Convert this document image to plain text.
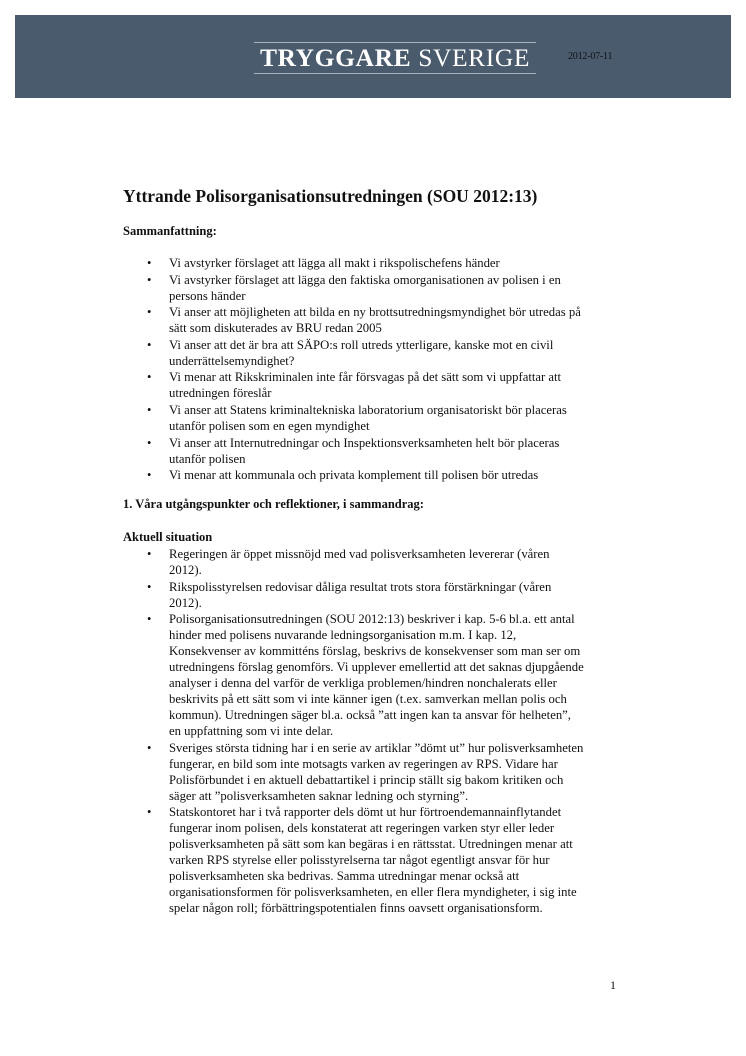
TRYGGARE SVERIGE	2012-07-11
Yttrande Polisorganisationsutredningen (SOU 2012:13)
Sammanfattning:
• Vi avstyrker förslaget att lägga all makt i rikspolischefens händer
• Vi avstyrker förslaget att lägga den faktiska omorganisationen av polisen i en
persons händer
• Vi anser att möjligheten att bilda en ny brottsutredningsmyndighet bör utredas på
sätt som diskuterades av BRU redan 2005
• Vi anser att det är bra att SÄPO:s roll utreds ytterligare, kanske mot en civil
underrättelsemyndighet?
• Vi menar att Rikskriminalen inte får försvagas på det sätt som vi uppfattar att
utredningen föreslår
• Vi anser att Statens kriminaltekniska laboratorium organisatoriskt bör placeras
utanför polisen som en egen myndighet
• Vi anser att Internutredningar och Inspektionsverksamheten helt bör placeras
utanför polisen
• Vi menar att kommunala och privata komplement till polisen bör utredas
1. Våra utgångspunkter och reflektioner, i sammandrag:
Aktuell situation
• Regeringen är öppet missnöjd med vad polisverksamheten levererar (våren
2012).
• Rikspolisstyrelsen redovisar dåliga resultat trots stora förstärkningar (våren
2012).
• Polisorganisationsutredningen (SOU 2012:13) beskriver i kap. 5-6 bl.a. ett antal
hinder med polisens nuvarande ledningsorganisation m.m. I kap. 12,
Konsekvenser av kommitténs förslag, beskrivs de konsekvenser som man ser om
utredningens förslag genomförs. Vi upplever emellertid att det saknas djupgående
analyser i denna del varför de verkliga problemen/hindren nonchalerats eller
beskrivits på ett sätt som vi inte känner igen (t.ex. samverkan mellan polis och
kommun). Utredningen säger bl.a. också ”att ingen kan ta ansvar för helheten”,
en uppfattning som vi inte delar.
• Sveriges största tidning har i en serie av artiklar ”dömt ut” hur polisverksamheten
fungerar, en bild som inte motsagts varken av regeringen av RPS. Vidare har
Polisförbundet i en aktuell debattartikel i princip ställt sig bakom kritiken och
säger att ”polisverksamheten saknar ledning och styrning”.
• Statskontoret har i två rapporter dels dömt ut hur förtroendemannainflytandet
fungerar inom polisen, dels konstaterat att regeringen varken styr eller leder
polisverksamheten på sätt som kan begäras i en rättsstat. Utredningen menar att
varken RPS styrelse eller polisstyrelserna tar något egentligt ansvar för hur
polisverksamheten ska bedrivas. Samma utredningar menar också att
organisationsformen för polisverksamheten, en eller flera myndigheter, i sig inte
spelar någon roll; förbättringspotentialen finns oavsett organisationsform.
1
